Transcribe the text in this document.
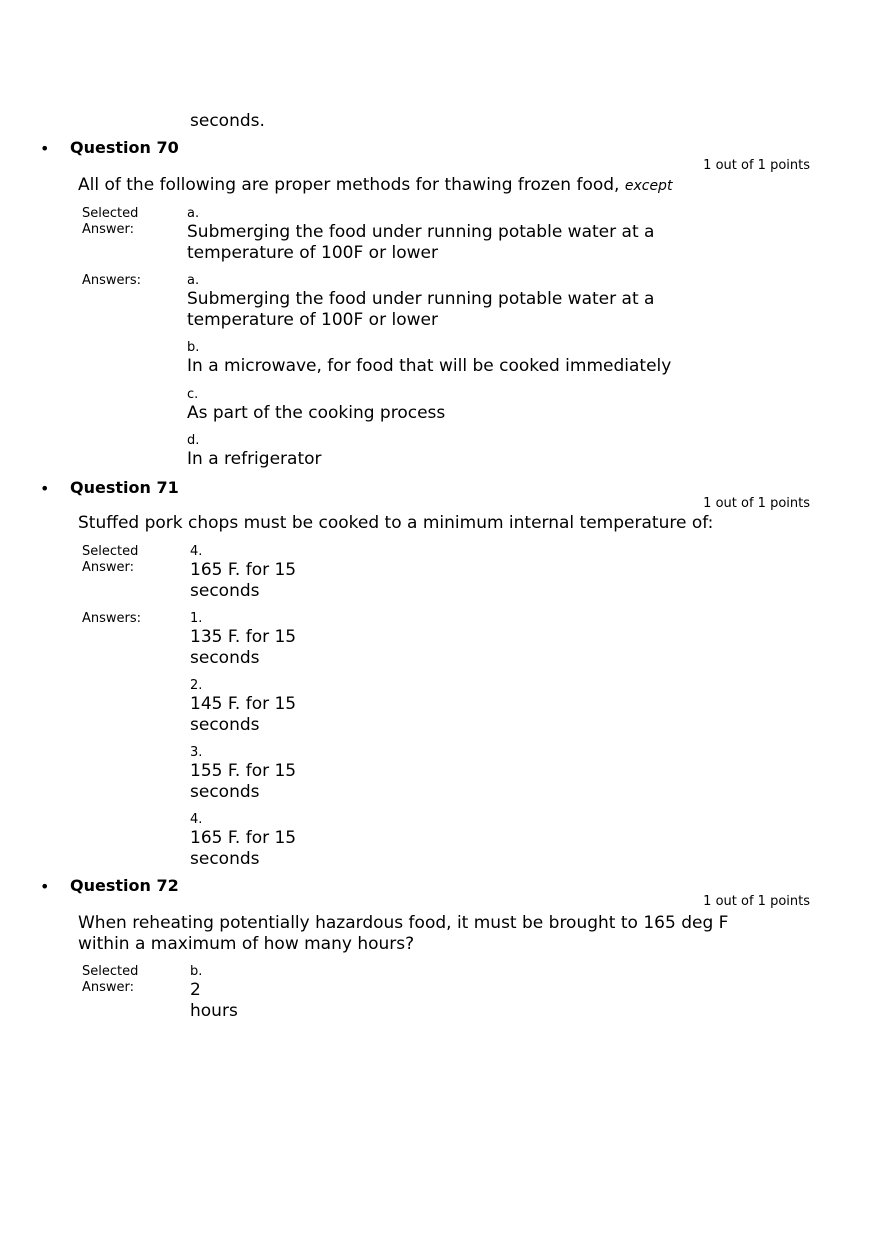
seconds.
• Question 70
1 out of 1 points
All of the following are proper methods for thawing frozen food, except
Selected Answer:
a.
Submerging the food under running potable water at a temperature of 100F or lower
Answers:	a.
Submerging the food under running potable water at a temperature of 100F or lower
b.
In a microwave, for food that will be cooked immediately
c.
As part of the cooking process
d.
In a refrigerator
• Question 71
1 out of 1 points
Stuffed pork chops must be cooked to a minimum internal temperature of:
Selected Answer:
4.
165 F. for 15 seconds
Answers:	1.
135 F. for 15 seconds
2.
145 F. for 15 seconds
3.
155 F. for 15 seconds
4.
165 F. for 15 seconds
• Question 72
1 out of 1 points
When reheating potentially hazardous food, it must be brought to 165 deg F within a maximum of how many hours?
Selected Answer:
b.
2 hours
